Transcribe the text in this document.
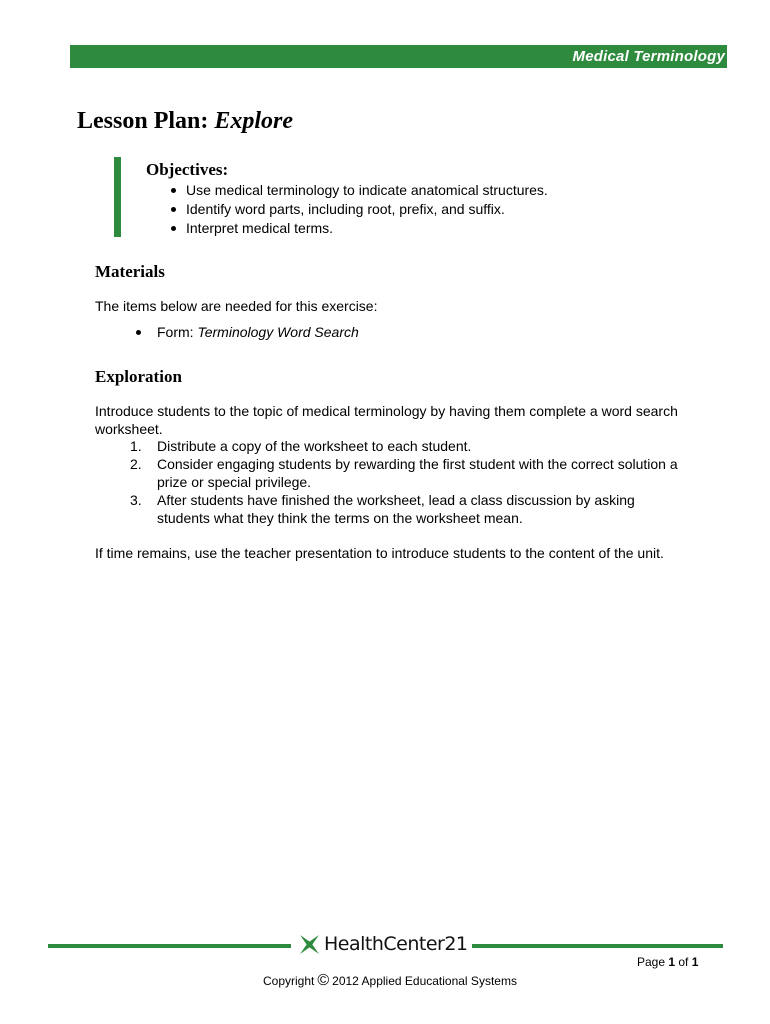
Medical Terminology
Lesson Plan: Explore
Objectives:
Use medical terminology to indicate anatomical structures.
Identify word parts, including root, prefix, and suffix.
Interpret medical terms.
Materials

The items below are needed for this exercise:

Form: Terminology Word Search
Exploration

Introduce students to the topic of medical terminology by having them complete a word search
worksheet.

1.	Distribute a copy of the worksheet to each student.
2.	Consider engaging students by rewarding the first student with the correct solution a
prize or special privilege.
3.	After students have finished the worksheet, lead a class discussion by asking
students what they think the terms on the worksheet mean.

If time remains, use the teacher presentation to introduce students to the content of the unit.

HealthCenter21
Page 1 of 1
Copyright © 2012 Applied Educational Systems
